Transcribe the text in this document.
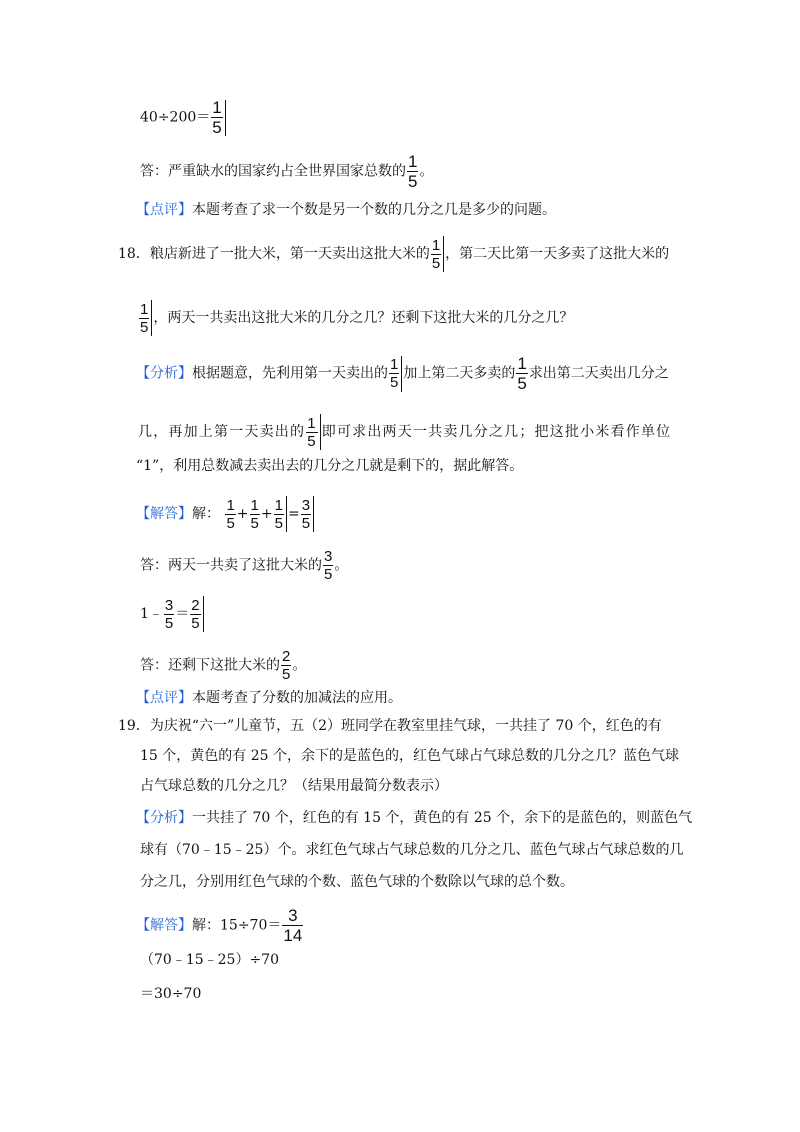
$40\div 200= \frac{1}{5}$
答：严重缺水的国家约占全世界国家总数的 $\frac{1}{5}$ 。
【点评】本题考查了求一个数是另一个数的几分之几是多少的问题。
18．粮店新进了一批大米，第一天卖出这批大米的 $\frac{1}{5}$ ，第二天比第一天多卖了这批大米的
$\frac{1}{5}$ ，两天一共卖出这批大米的几分之几？还剩下这批大米的几分之几？
【分析】根据题意，先利用第一天卖出的 $\frac{1}{5}$ 加上第二天多卖的 $\frac{1}{5}$ 求出第二天卖出几分之
几，再加上第一天卖出的 $\frac{1}{5}$ 即可求出两天一共卖几分之几；把这批小米看作单位
“1”，利用总数减去卖出去的几分之几就是剩下的，据此解答。
【解答】解： $\frac{1}{5} + \frac{1}{5} + \frac{1}{5} = \frac{3}{5}$
答：两天一共卖了这批大米的 $\frac{3}{5}$ 。
1﹣ $\frac{3}{5} = \frac{2}{5}$
答：还剩下这批大米的 $\frac{2}{5}$ 。
【点评】本题考查了分数的加减法的应用。
19．为庆祝“六一”儿童节，五（2）班同学在教室里挂气球，一共挂了 70 个，红色的有
15 个，黄色的有 25 个，余下的是蓝色的，红色气球占气球总数的几分之几？蓝色气球
占气球总数的几分之几？（结果用最简分数表示）
【分析】一共挂了 70 个，红色的有 15 个，黄色的有 25 个，余下的是蓝色的，则蓝色气
球有（70﹣15﹣25）个。求红色气球占气球总数的几分之几、蓝色气球占气球总数的几
分之几，分别用红色气球的个数、蓝色气球的个数除以气球的总个数。
【解答】解：$15\div 70= \frac{3}{14}$
（70﹣15﹣25）÷70
＝30÷70
